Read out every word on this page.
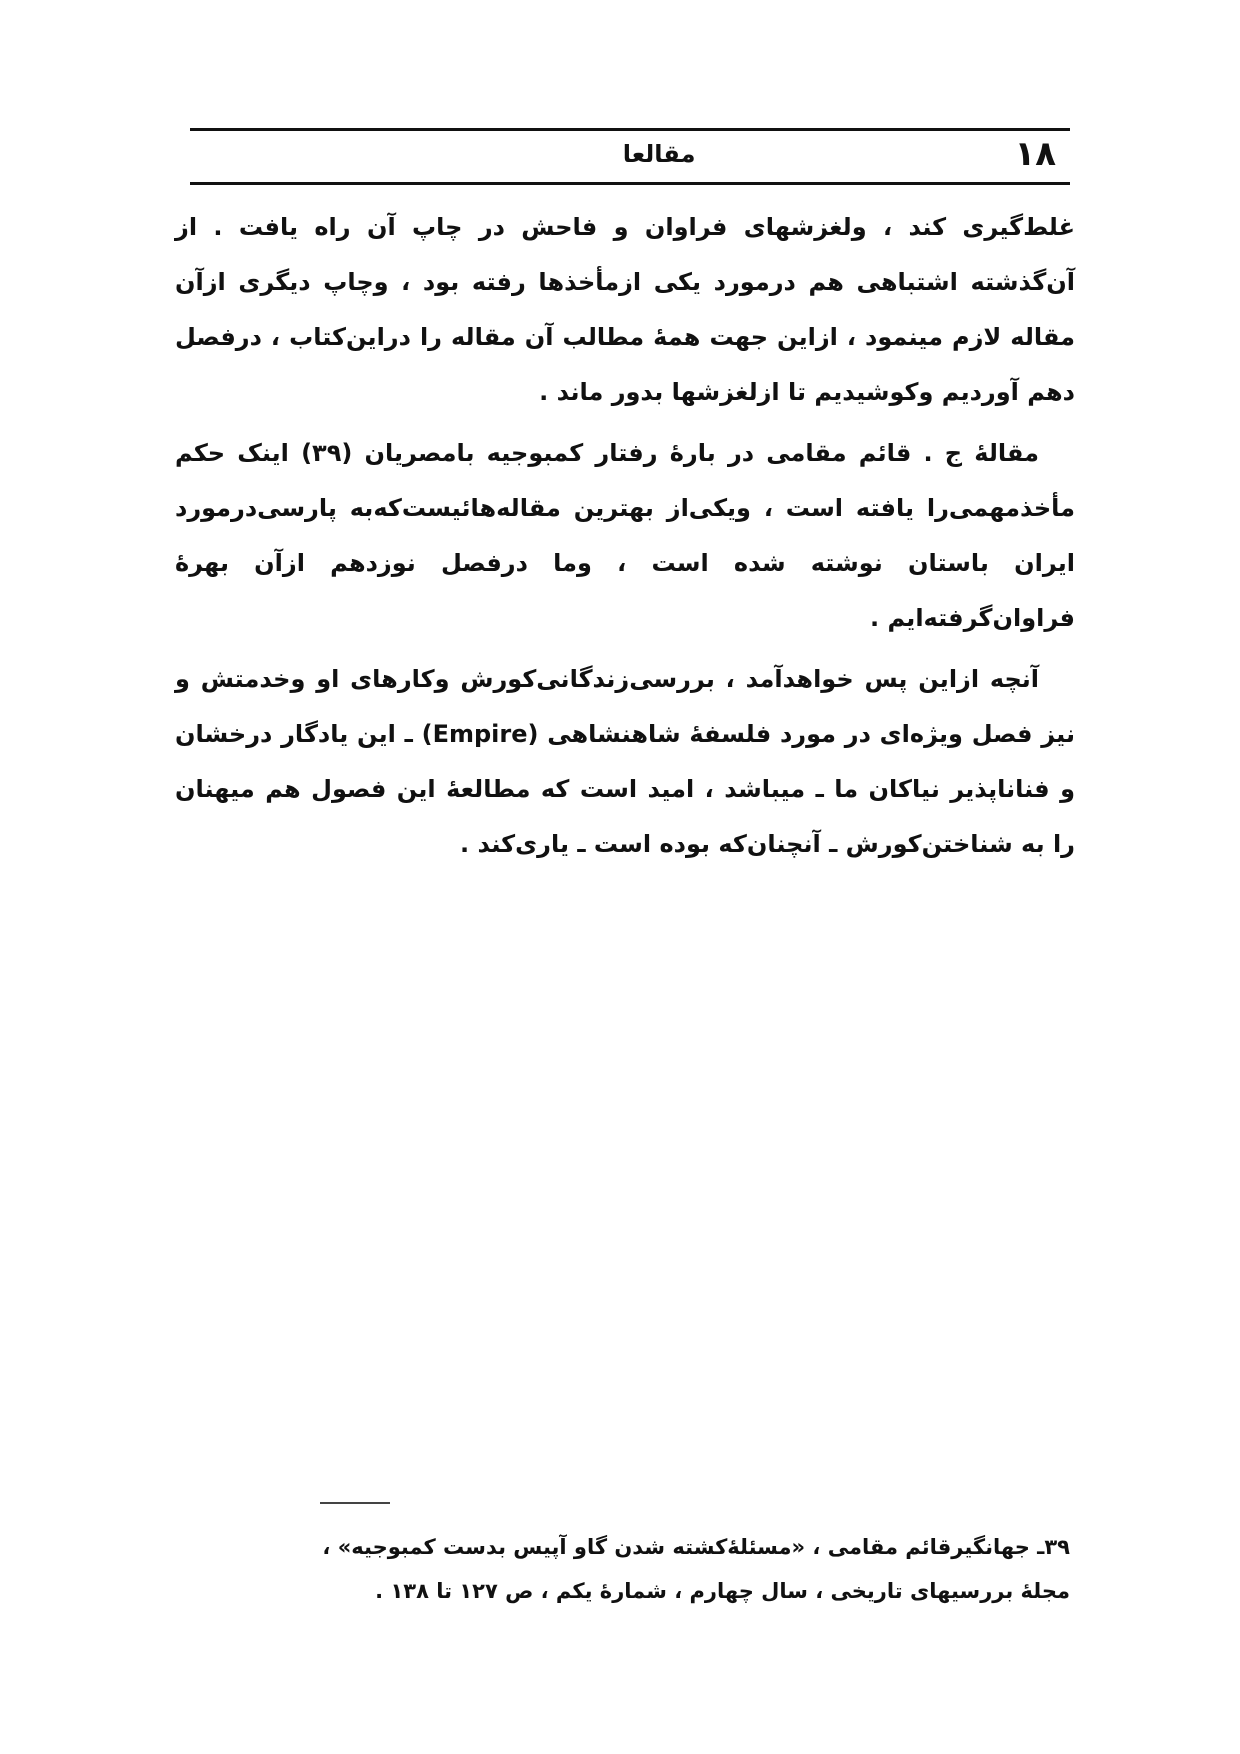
۱۸
مقالعا

غلط‌گیری کند ، ولغزشهای فراوان و فاحش در چاپ آن راه یافت . از آن‌گذشته اشتباهی هم درمورد یکی ازمأخذها رفته بود ، وچاپ دیگری ازآن مقاله لازم مینمود ، ازاین جهت همهٔ مطالب آن مقاله را دراین‌کتاب ، درفصل دهم آوردیم وکوشیدیم تا ازلغزشها بدور ماند .

مقالهٔ ج . قائم مقامی در بارهٔ رفتار کمبوجیه بامصریان (۳۹) اینک حکم مأخذمهمی‌را یافته است ، ویکی‌از بهترین مقاله‌هائیست‌که‌به پارسی‌درمورد ایران باستان نوشته شده است ، وما درفصل نوزدهم ازآن بهرهٔ فراوان‌گرفته‌ایم .

آنچه ازاین پس خواهدآمد ، بررسی‌زندگانی‌کورش وکارهای او وخدمتش و نیز فصل ویژه‌ای در مورد فلسفهٔ شاهنشاهی (Empire) ـ این یادگار درخشان و فناناپذیر نیاکان ما ـ میباشد ، امید است که مطالعهٔ این فصول هم میهنان را به شناختن‌کورش ـ آنچنان‌که بوده است ـ یاری‌کند .

۳۹ـ جهانگیرقائم مقامی ، «مسئلهٔ‌کشته شدن گاو آپیس بدست کمبوجیه» ، مجلهٔ بررسیهای تاریخی ، سال چهارم ، شمارهٔ یکم ، ص ۱۲۷ تا ۱۳۸ .
